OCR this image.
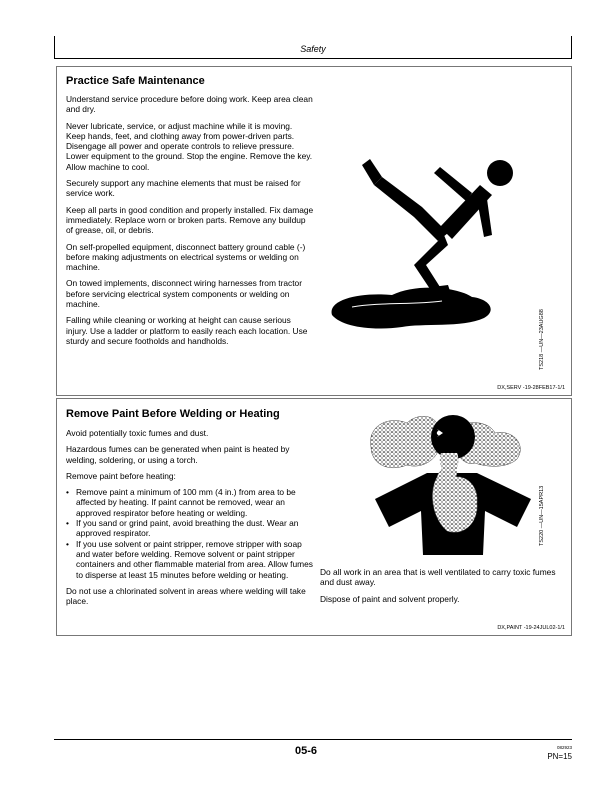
Safety
Practice Safe Maintenance

Understand service procedure before doing work. Keep area clean and dry.

Never lubricate, service, or adjust machine while it is moving. Keep hands, feet, and clothing away from power-driven parts. Disengage all power and operate controls to relieve pressure. Lower equipment to the ground. Stop the engine. Remove the key. Allow machine to cool.

Securely support any machine elements that must be raised for service work.

Keep all parts in good condition and properly installed. Fix damage immediately. Replace worn or broken parts. Remove any buildup of grease, oil, or debris.

On self-propelled equipment, disconnect battery ground cable (-) before making adjustments on electrical systems or welding on machine.

On towed implements, disconnect wiring harnesses from tractor before servicing electrical system components or welding on machine.

Falling while cleaning or working at height can cause serious injury. Use a ladder or platform to easily reach each location. Use sturdy and secure footholds and handholds.	TS218 —UN—23AUG88
DX,SERV -19-28FEB17-1/1
Remove Paint Before Welding or Heating

Avoid potentially toxic fumes and dust.

Hazardous fumes can be generated when paint is heated by welding, soldering, or using a torch.

Remove paint before heating:

• Remove paint a minimum of 100 mm (4 in.) from area to be affected by heating. If paint cannot be removed, wear an approved respirator before heating or welding.
• If you sand or grind paint, avoid breathing the dust. Wear an approved respirator.
• If you use solvent or paint stripper, remove stripper with soap and water before welding. Remove solvent or paint stripper containers and other flammable material from area. Allow fumes to disperse at least 15 minutes before welding or heating.

Do not use a chlorinated solvent in areas where welding will take place.

TS220 —UN—15APR13

Do all work in an area that is well ventilated to carry toxic fumes and dust away.

Dispose of paint and solvent properly.

DX,PAINT -19-24JUL02-1/1
05-6	082923
PN=15
